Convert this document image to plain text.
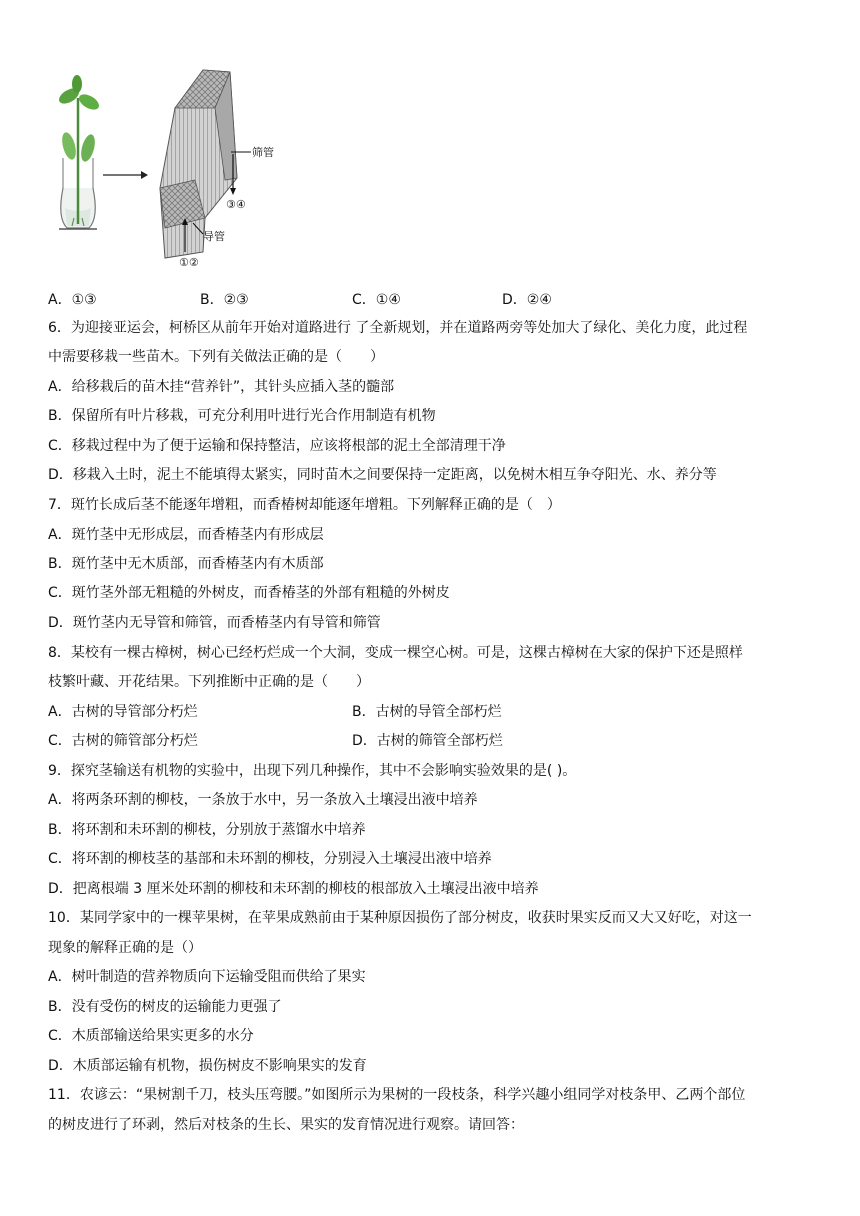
筛管
③④
导管
①②
A．①③	B．②③	C．①④	D．②④
6．为迎接亚运会，柯桥区从前年开始对道路进行 了全新规划，并在道路两旁等处加大了绿化、美化力度，此过程
中需要移栽一些苗木。下列有关做法正确的是（　　）
A．给移栽后的苗木挂“营养针”，其针头应插入茎的髓部
B．保留所有叶片移栽，可充分利用叶进行光合作用制造有机物
C．移栽过程中为了便于运输和保持整洁，应该将根部的泥土全部清理干净
D．移栽入土时，泥土不能填得太紧实，同时苗木之间要保持一定距离，以免树木相互争夺阳光、水、养分等
7．斑竹长成后茎不能逐年增粗，而香椿树却能逐年增粗。下列解释正确的是（　）
A．斑竹茎中无形成层，而香椿茎内有形成层
B．斑竹茎中无木质部，而香椿茎内有木质部
C．斑竹茎外部无粗糙的外树皮，而香椿茎的外部有粗糙的外树皮
D．斑竹茎内无导管和筛管，而香椿茎内有导管和筛管
8．某校有一棵古樟树，树心已经朽烂成一个大洞，变成一棵空心树。可是，这棵古樟树在大家的保护下还是照样
枝繁叶藏、开花结果。下列推断中正确的是（　　）
A．古树的导管部分朽烂	B．古树的导管全部朽烂
C．古树的筛管部分朽烂	D．古树的筛管全部朽烂
9．探究茎输送有机物的实验中，出现下列几种操作，其中不会影响实验效果的是( )。
A．将两条环割的柳枝，一条放于水中，另一条放入土壤浸出液中培养
B．将环割和未环割的柳枝，分别放于蒸馏水中培养
C．将环割的柳枝茎的基部和未环割的柳枝，分别浸入土壤浸出液中培养
D．把离根端 3 厘米处环割的柳枝和未环割的柳枝的根部放入土壤浸出液中培养
10．某同学家中的一棵苹果树，在苹果成熟前由于某种原因损伤了部分树皮，收获时果实反而又大又好吃，对这一
现象的解释正确的是（）
A．树叶制造的营养物质向下运输受阻而供给了果实
B．没有受伤的树皮的运输能力更强了
C．木质部输送给果实更多的水分
D．木质部运输有机物，损伤树皮不影响果实的发育
11．农谚云：“果树割千刀，枝头压弯腰。”如图所示为果树的一段枝条，科学兴趣小组同学对枝条甲、乙两个部位
的树皮进行了环剥，然后对枝条的生长、果实的发育情况进行观察。请回答：
